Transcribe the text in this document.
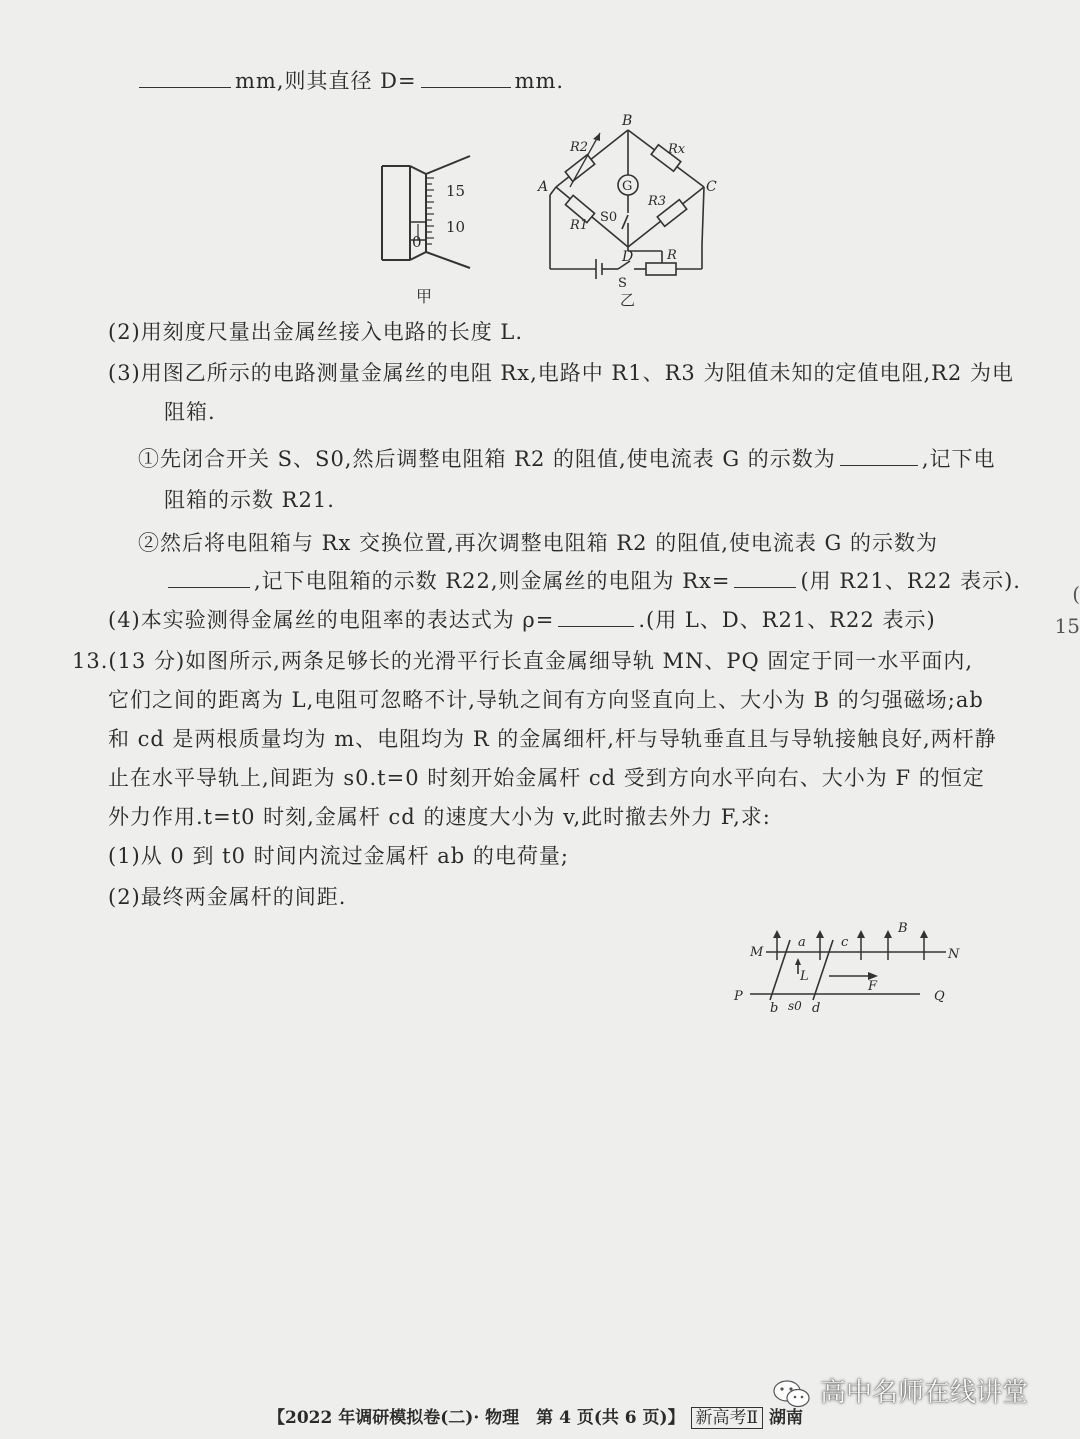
mm,则其直径 D=	mm.
15
10
0
甲
B
A	C
D
G
R2	Rx
R1
R3
S0
R
S
乙
(2)用刻度尺量出金属丝接入电路的长度 L.
(3)用图乙所示的电路测量金属丝的电阻 Rx,电路中 R1、R3 为阻值未知的定值电阻,R2 为电
阻箱.
①先闭合开关 S、S0,然后调整电阻箱 R2 的阻值,使电流表 G 的示数为	,记下电
阻箱的示数 R21.
②然后将电阻箱与 Rx 交换位置,再次调整电阻箱 R2 的阻值,使电流表 G 的示数为
,记下电阻箱的示数 R22,则金属丝的电阻为 Rx=	(用 R21、R22 表示).
(4)本实验测得金属丝的电阻率的表达式为 ρ=	.(用 L、D、R21、R22 表示)
(
15
13.(13 分)如图所示,两条足够长的光滑平行长直金属细导轨 MN、PQ 固定于同一水平面内,
它们之间的距离为 L,电阻可忽略不计,导轨之间有方向竖直向上、大小为 B 的匀强磁场;ab
和 cd 是两根质量均为 m、电阻均为 R 的金属细杆,杆与导轨垂直且与导轨接触良好,两杆静
止在水平导轨上,间距为 s0.t=0 时刻开始金属杆 cd 受到方向水平向右、大小为 F 的恒定
外力作用.t=t0 时刻,金属杆 cd 的速度大小为 v,此时撤去外力 F,求:
(1)从 0 到 t0 时间内流过金属杆 ab 的电荷量;
(2)最终两金属杆的间距.
M	N
P	Q
a
b
c
d
B
L
F
s0
高中名师在线讲堂
【2022 年调研模拟卷(二)· 物理　第 4 页(共 6 页)】 新高考Ⅱ 湖南
